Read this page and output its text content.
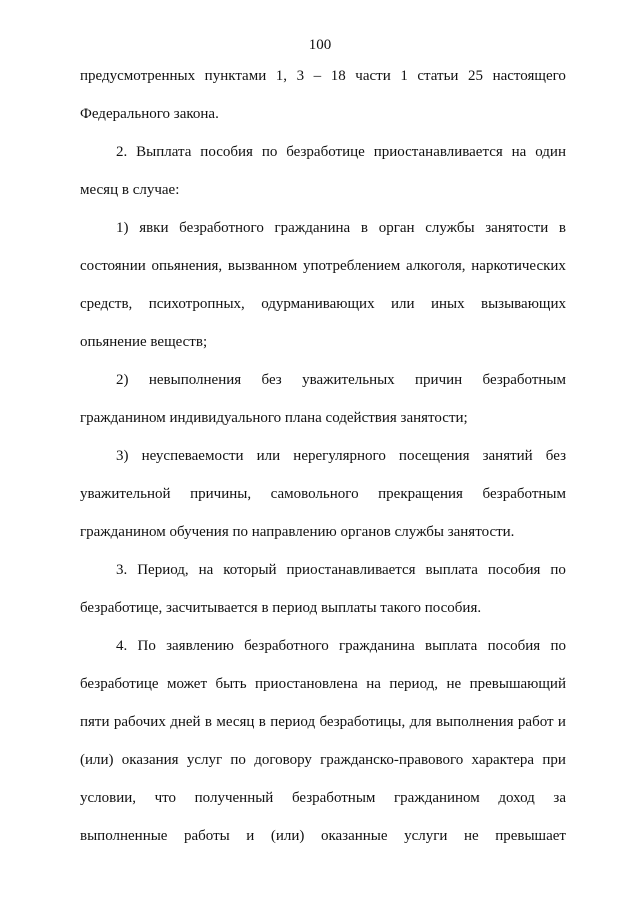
100
предусмотренных пунктами 1, 3 – 18 части 1 статьи 25 настоящего
Федерального закона.
2. Выплата пособия по безработице приостанавливается на один
месяц в случае:
1) явки безработного гражданина в орган службы занятости в
состоянии опьянения, вызванном употреблением алкоголя, наркотических
средств, психотропных, одурманивающих или иных вызывающих
опьянение веществ;
2) невыполнения без уважительных причин безработным
гражданином индивидуального плана содействия занятости;
3) неуспеваемости или нерегулярного посещения занятий без
уважительной причины, самовольного прекращения безработным
гражданином обучения по направлению органов службы занятости.
3. Период, на который приостанавливается выплата пособия по
безработице, засчитывается в период выплаты такого пособия.
4. По заявлению безработного гражданина выплата пособия по
безработице может быть приостановлена на период, не превышающий
пяти рабочих дней в месяц в период безработицы, для выполнения работ и
(или) оказания услуг по договору гражданско-правового характера при
условии, что полученный безработным гражданином доход за
выполненные работы и (или) оказанные услуги не превышает
